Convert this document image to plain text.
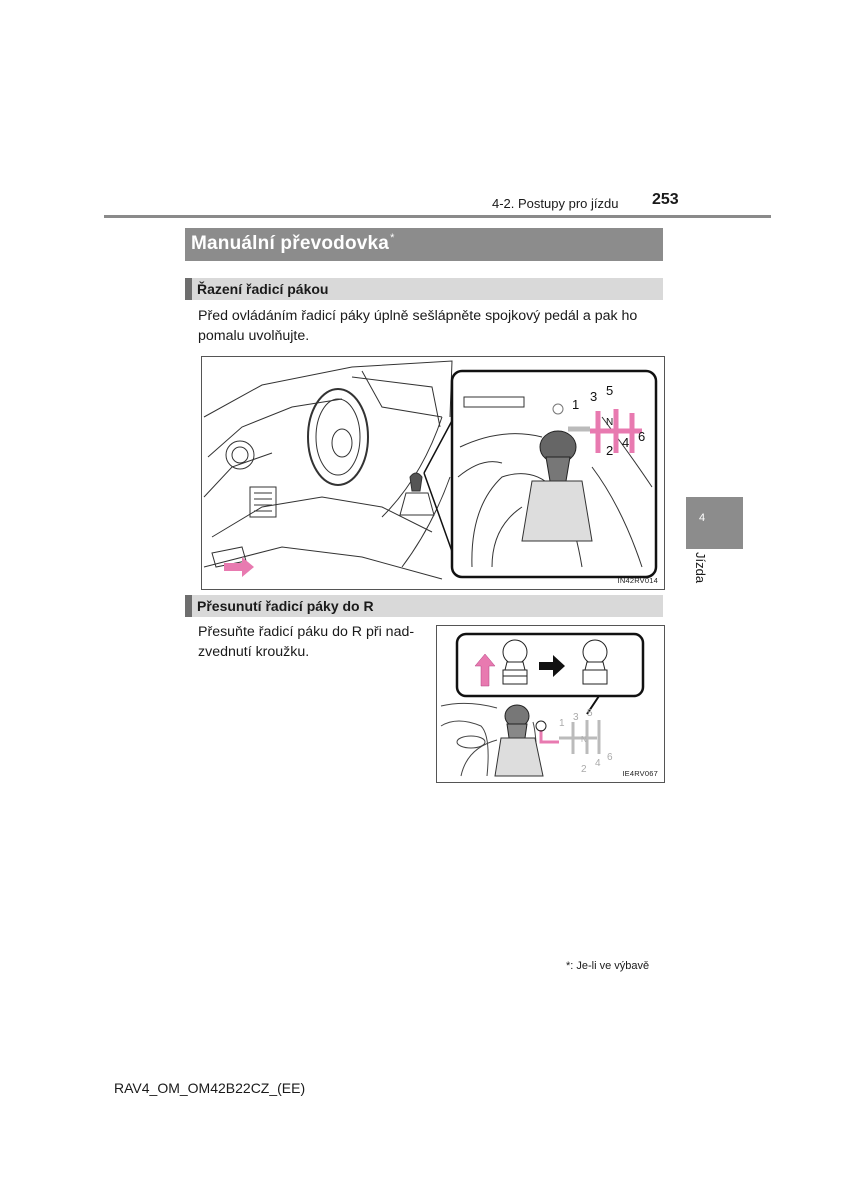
4-2. Postupy pro jízdu 253
Manuální převodovka*
Řazení řadicí pákou
Před ovládáním řadicí páky úplně sešlápněte spojkový pedál a pak ho
pomalu uvolňujte.
1
3 5
N
2
4 6
IN42RV014
Přesunutí řadicí páky do R
Přesuňte řadicí páku do R při nad-
zvednutí kroužku.
1
3 5
N
2
4
6
IE4RV067
4
Jízda
*: Je-li ve výbavě
RAV4_OM_OM42B22CZ_(EE)
